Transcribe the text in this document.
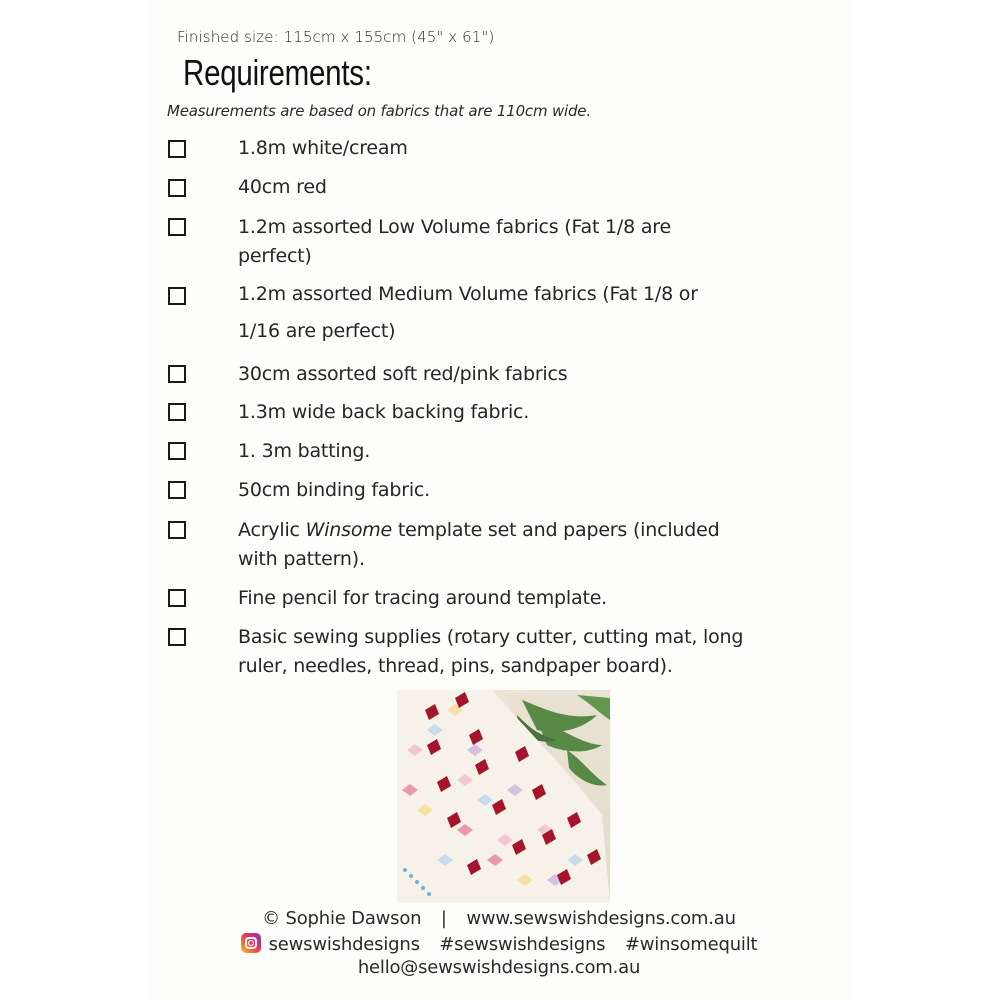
Finished size: 115cm x 155cm (45" x 61")
Requirements:
Measurements are based on fabrics that are 110cm wide.
1.8m white/cream
40cm red
1.2m assorted Low Volume fabrics (Fat 1/8 are
perfect)
1.2m assorted Medium Volume fabrics (Fat 1/8 or
1/16 are perfect)
30cm assorted soft red/pink fabrics
1.3m wide back backing fabric.
1. 3m batting.
50cm binding fabric.
Acrylic Winsome template set and papers (included
with pattern).
Fine pencil for tracing around template.
Basic sewing supplies (rotary cutter, cutting mat, long
ruler, needles, thread, pins, sandpaper board).
© Sophie Dawson | www.sewswishdesigns.com.au
sewswishdesigns #sewswishdesigns #winsomequilt
hello@sewswishdesigns.com.au
